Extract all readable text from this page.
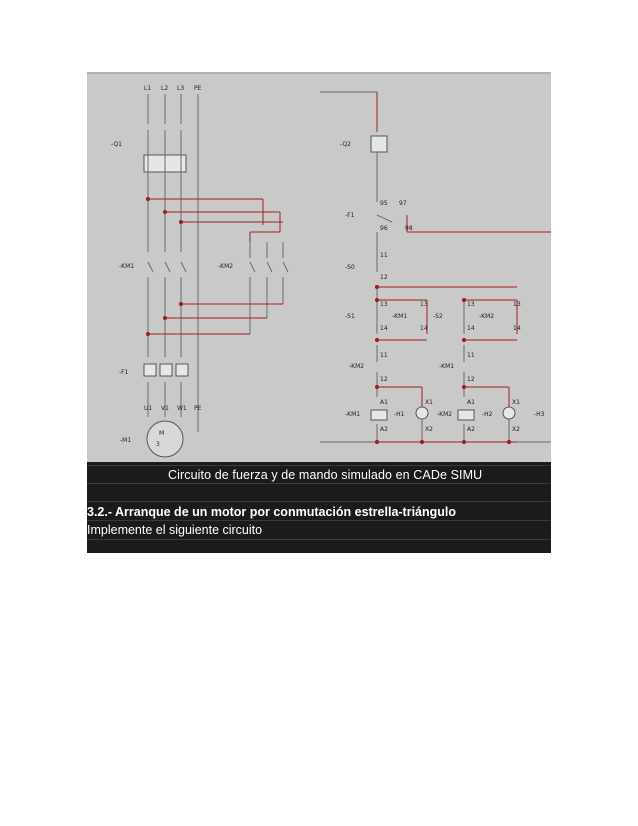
L1 L2 L3 PE
-Q1
-KM1	-KM2
-F1
U1 V1 W1 PE
-M1
M
3
-Q2
95 97
96	98
-F1
-S0
11
12
-S1	-KM1	-S2	-KM2
13	13	13	13
14	14	14	14
-KM2	-KM1
11	11
12	12
A1	A1
A2	A2
-KM1	-KM2
-H1	-H2	-H3
X1
X2
X1
X2
Circuito de fuerza y de mando simulado en CADe SIMU
3.2.- Arranque de un motor por conmutación estrella-triángulo
Implemente el siguiente circuito
